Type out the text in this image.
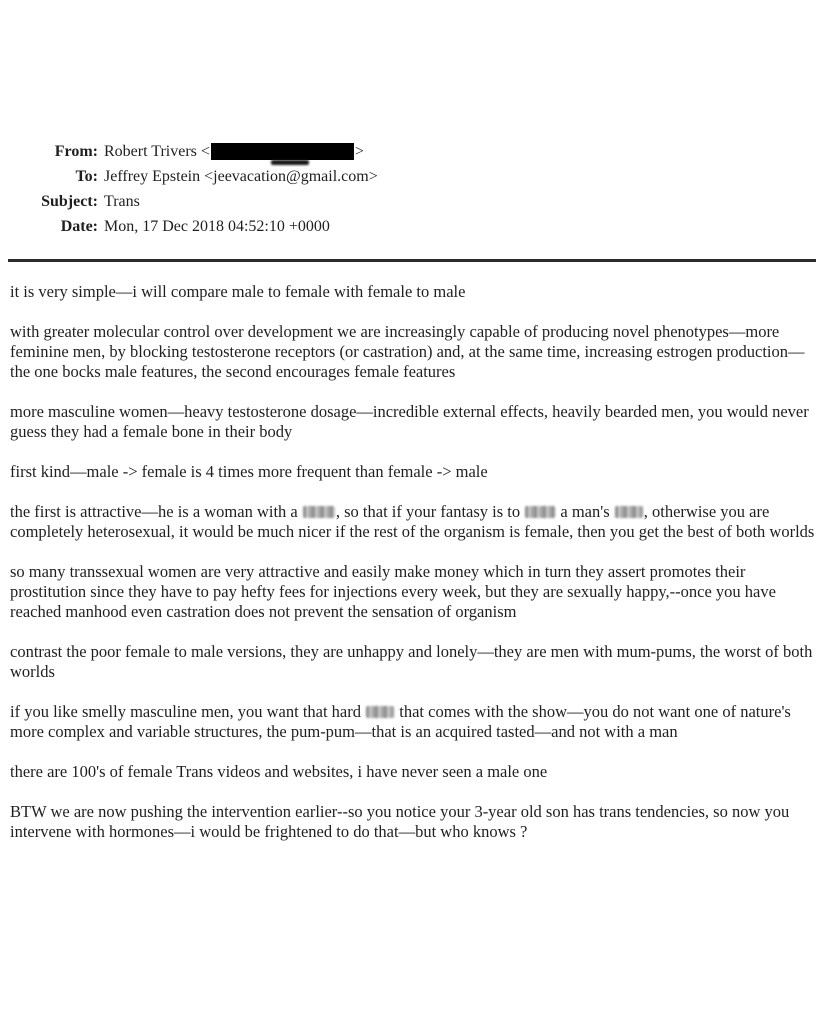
From: Robert Trivers <	>
To: Jeffrey Epstein <jeevacation@gmail.com>
Subject: Trans
Date: Mon, 17 Dec 2018 04:52:10 +0000

it is very simple—i will compare male to female with female to male

with greater molecular control over development we are increasingly capable of producing novel phenotypes—more feminine men, by blocking testosterone receptors (or castration) and, at the same time, increasing estrogen production—the one bocks male features, the second encourages female features

more masculine women—heavy testosterone dosage—incredible external effects, heavily bearded men, you would never guess they had a female bone in their body

first kind—male -> female is 4 times more frequent than female -> male

the first is attractive—he is a woman with a , so that if your fantasy is to  a man's , otherwise you are completely heterosexual, it would be much nicer if the rest of the organism is female, then you get the best of both worlds

so many transsexual women are very attractive and easily make money which in turn they assert promotes their prostitution since they have to pay hefty fees for injections every week, but they are sexually happy,--once you have reached manhood even castration does not prevent the sensation of organism

contrast the poor female to male versions, they are unhappy and lonely—they are men with mum-pums, the worst of both worlds

if you like smelly masculine men, you want that hard  that comes with the show—you do not want one of nature's more complex and variable structures, the pum-pum—that is an acquired tasted—and not with a man

there are 100's of female Trans videos and websites, i have never seen a male one

BTW we are now pushing the intervention earlier--so you notice your 3-year old son has trans tendencies, so now you intervene with hormones—i would be frightened to do that—but who knows ?
